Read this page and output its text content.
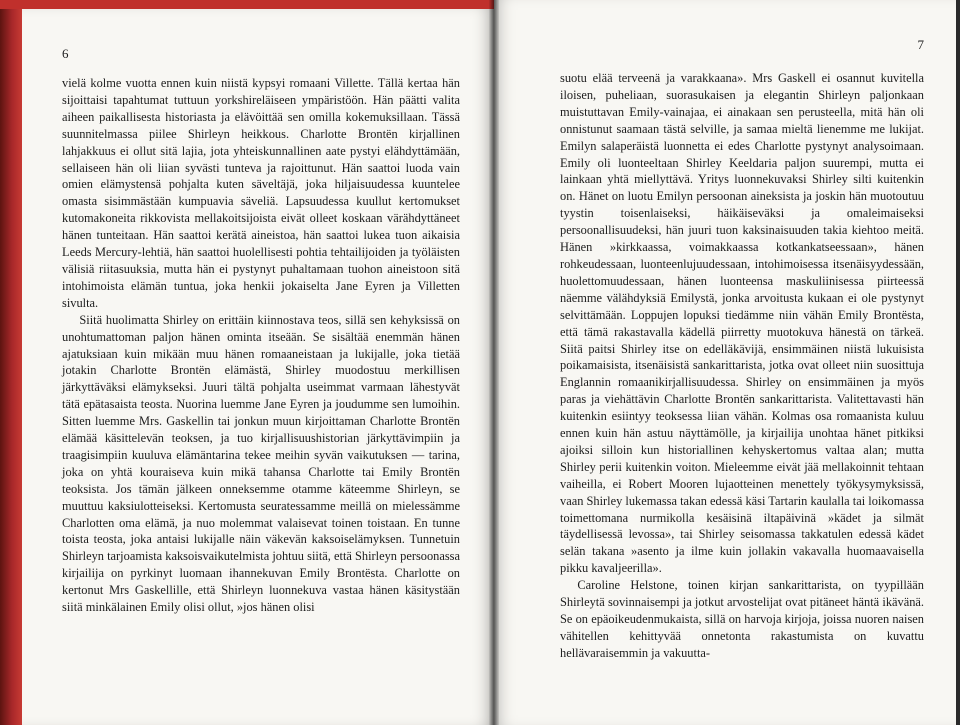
6

vielä kolme vuotta ennen kuin niistä kypsyi romaani Villette. Tällä kertaa hän sijoittaisi tapahtumat tuttuun yorkshireläiseen ympäristöön. Hän päätti valita aiheen paikallisesta historiasta ja elävöittää sen omilla kokemuksillaan. Tässä suunnitelmassa piilee Shirleyn heikkous. Charlotte Brontën kirjallinen lahjakkuus ei ollut sitä lajia, jota yhteiskunnallinen aate pystyi elähdyttämään, sellaiseen hän oli liian syvästi tunteva ja rajoittunut. Hän saattoi luoda vain omien elämystensä pohjalta kuten säveltäjä, joka hiljaisuudessa kuuntelee omasta sisimmästään kumpuavia säveliä. Lapsuudessa kuullut kertomukset kutomakoneita rikkovista mellakoitsijoista eivät olleet koskaan värähdyttäneet hänen tunteitaan. Hän saattoi kerätä aineistoa, hän saattoi lukea tuon aikaisia Leeds Mercury-lehtiä, hän saattoi huolellisesti pohtia tehtailijoiden ja työläisten välisiä riitasuuksia, mutta hän ei pystynyt puhaltamaan tuohon aineistoon sitä intohimoista elämän tuntua, joka henkii jokaiselta Jane Eyren ja Villetten sivulta.

Siitä huolimatta Shirley on erittäin kiinnostava teos, sillä sen kehyksissä on unohtumattoman paljon hänen ominta itseään. Se sisältää enemmän hänen ajatuksiaan kuin mikään muu hänen romaaneistaan ja lukijalle, joka tietää jotakin Charlotte Brontën elämästä, Shirley muodostuu merkillisen järkyttäväksi elämykseksi. Juuri tältä pohjalta useimmat varmaan lähestyvät tätä epätasaista teosta. Nuorina luemme Jane Eyren ja joudumme sen lumoihin. Sitten luemme Mrs. Gaskellin tai jonkun muun kirjoittaman Charlotte Brontën elämää käsittelevän teoksen, ja tuo kirjallisuushistorian järkyttävimpiin ja traagisimpiin kuuluva elämäntarina tekee meihin syvän vaikutuksen — tarina, joka on yhtä kouraiseva kuin mikä tahansa Charlotte tai Emily Brontën teoksista. Jos tämän jälkeen onneksemme otamme käteemme Shirleyn, se muuttuu kaksiulotteiseksi. Kertomusta seuratessamme meillä on mielessämme Charlotten oma elämä, ja nuo molemmat valaisevat toinen toistaan. En tunne toista teosta, joka antaisi lukijalle näin väkevän kaksoiselämyksen. Tunnetuin Shirleyn tarjoamista kaksoisvaikutelmista johtuu siitä, että Shirleyn persoonassa kirjailija on pyrkinyt luomaan ihannekuvan Emily Brontësta. Charlotte on kertonut Mrs Gaskellille, että Shirleyn luonnekuva vastaa hänen käsitystään siitä minkälainen Emily olisi ollut, »jos hänen olisi

7

suotu elää terveenä ja varakkaana». Mrs Gaskell ei osannut kuvitella iloisen, puheliaan, suorasukaisen ja elegantin Shirleyn paljonkaan muistuttavan Emily-vainajaa, ei ainakaan sen perusteella, mitä hän oli onnistunut saamaan tästä selville, ja samaa mieltä lienemme me lukijat. Emilyn salaperäistä luonnetta ei edes Charlotte pystynyt analysoimaan. Emily oli luonteeltaan Shirley Keeldaria paljon suurempi, mutta ei lainkaan yhtä miellyttävä. Yritys luonnekuvaksi Shirley silti kuitenkin on. Hänet on luotu Emilyn persoonan aineksista ja joskin hän muotoutuu tyystin toisenlaiseksi, häikäiseväksi ja omaleimaiseksi persoonallisuudeksi, hän juuri tuon kaksinaisuuden takia kiehtoo meitä. Hänen »kirkkaassa, voimakkaassa kotkankatseessaan», hänen rohkeudessaan, luonteenlujuudessaan, intohimoisessa itsenäisyydessään, huolettomuudessaan, hänen luonteensa maskuliinisessa piirteessä näemme välähdyksiä Emilystä, jonka arvoitusta kukaan ei ole pystynyt selvittämään. Loppujen lopuksi tiedämme niin vähän Emily Brontësta, että tämä rakastavalla kädellä piirretty muotokuva hänestä on tärkeä. Siitä paitsi Shirley itse on edelläkävijä, ensimmäinen niistä lukuisista poikamaisista, itsenäisistä sankarittarista, jotka ovat olleet niin suosittuja Englannin romaanikirjallisuudessa. Shirley on ensimmäinen ja myös paras ja viehättävin Charlotte Brontën sankarittarista. Valitettavasti hän kuitenkin esiintyy teoksessa liian vähän. Kolmas osa romaanista kuluu ennen kuin hän astuu näyttämölle, ja kirjailija unohtaa hänet pitkiksi ajoiksi silloin kun historiallinen kehyskertomus valtaa alan; mutta Shirley perii kuitenkin voiton. Mieleemme eivät jää mellakoinnit tehtaan vaiheilla, ei Robert Mooren lujaotteinen menettely työkysymyksissä, vaan Shirley lukemassa takan edessä käsi Tartarin kaulalla tai loikomassa toimettomana nurmikolla kesäisinä iltapäivinä »kädet ja silmät täydellisessä levossa», tai Shirley seisomassa takkatulen edessä kädet selän takana »asento ja ilme kuin jollakin vakavalla huomaavaisella pikku kavaljeerilla».

Caroline Helstone, toinen kirjan sankarittarista, on tyypillään Shirleytä sovinnaisempi ja jotkut arvostelijat ovat pitäneet häntä ikävänä. Se on epäoikeudenmukaista, sillä on harvoja kirjoja, joissa nuoren naisen vähitellen kehittyvää onnetonta rakastumista on kuvattu hellävaraisemmin ja vakuutta-
